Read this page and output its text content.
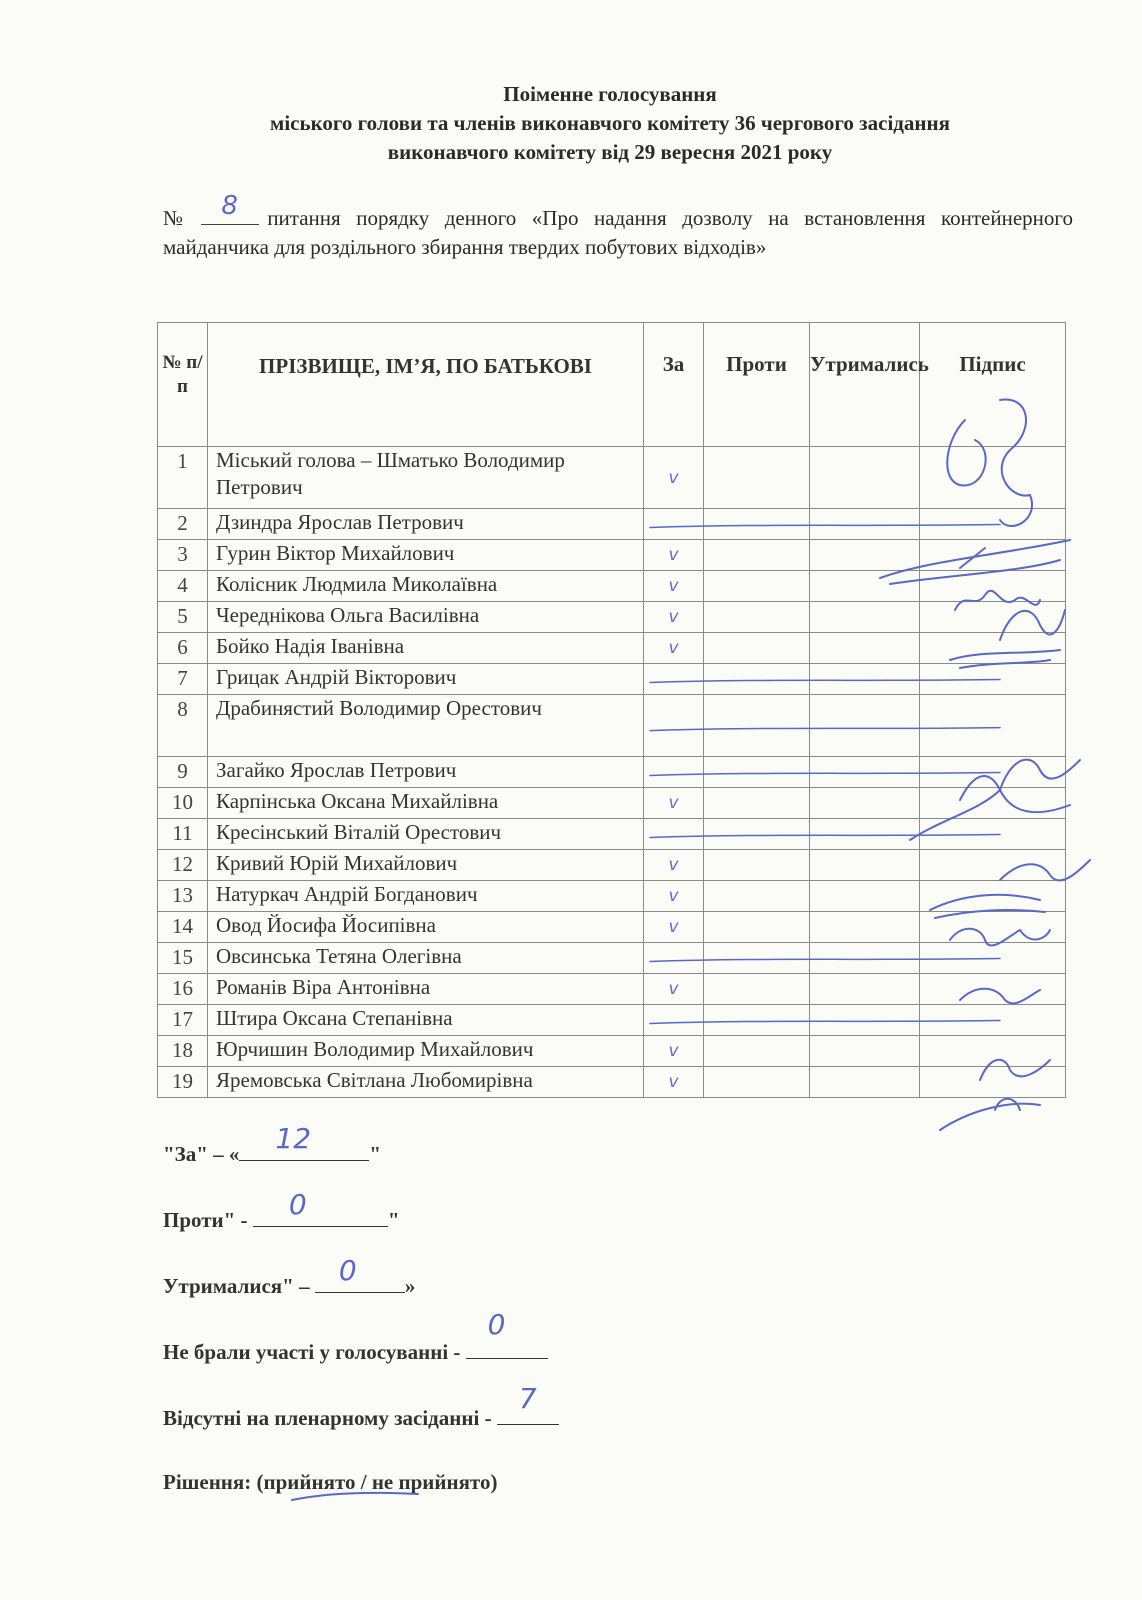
Поіменне голосування
міського голови та членів виконавчого комітету 36 чергового засідання
виконавчого комітету від 29 вересня 2021 року
№ 8 питання порядку денного «Про надання дозволу на встановлення контейнерного майданчика для роздільного збирання твердих побутових відходів»
№ п/п	ПРІЗВИЩЕ, ІМ’Я, ПО БАТЬКОВІ	За	Проти	Утримались	Підпис
1	Міський голова – Шматько Володимир Петрович	v			
2	Дзиндра Ярослав Петрович				
3	Гурин Віктор Михайлович	v			
4	Колісник Людмила Миколаївна	v			
5	Череднікова Ольга Василівна	v			
6	Бойко Надія Іванівна	v			
7	Грицак Андрій Вікторович				
8	Драбинястий Володимир Орестович				
9	Загайко Ярослав Петрович				
10	Карпінська Оксана Михайлівна	v			
11	Кресінський Віталій Орестович				
12	Кривий Юрій Михайлович	v			
13	Натуркач Андрій Богданович	v			
14	Овод Йосифа Йосипівна	v			
15	Овсинська Тетяна Олегівна				
16	Романів Віра Антонівна	v			
17	Штира Оксана Степанівна				
18	Юрчишин Володимир Михайлович	v			
19	Яремовська Світлана Любомирівна	v			
"За" – « 12	"
Проти" - 0	"
Утрималися" – 0 »
Не брали участі у голосуванні -
0
Відсутні на пленарному засіданні -
7
Рішення: (прийнято / не прийнято)
